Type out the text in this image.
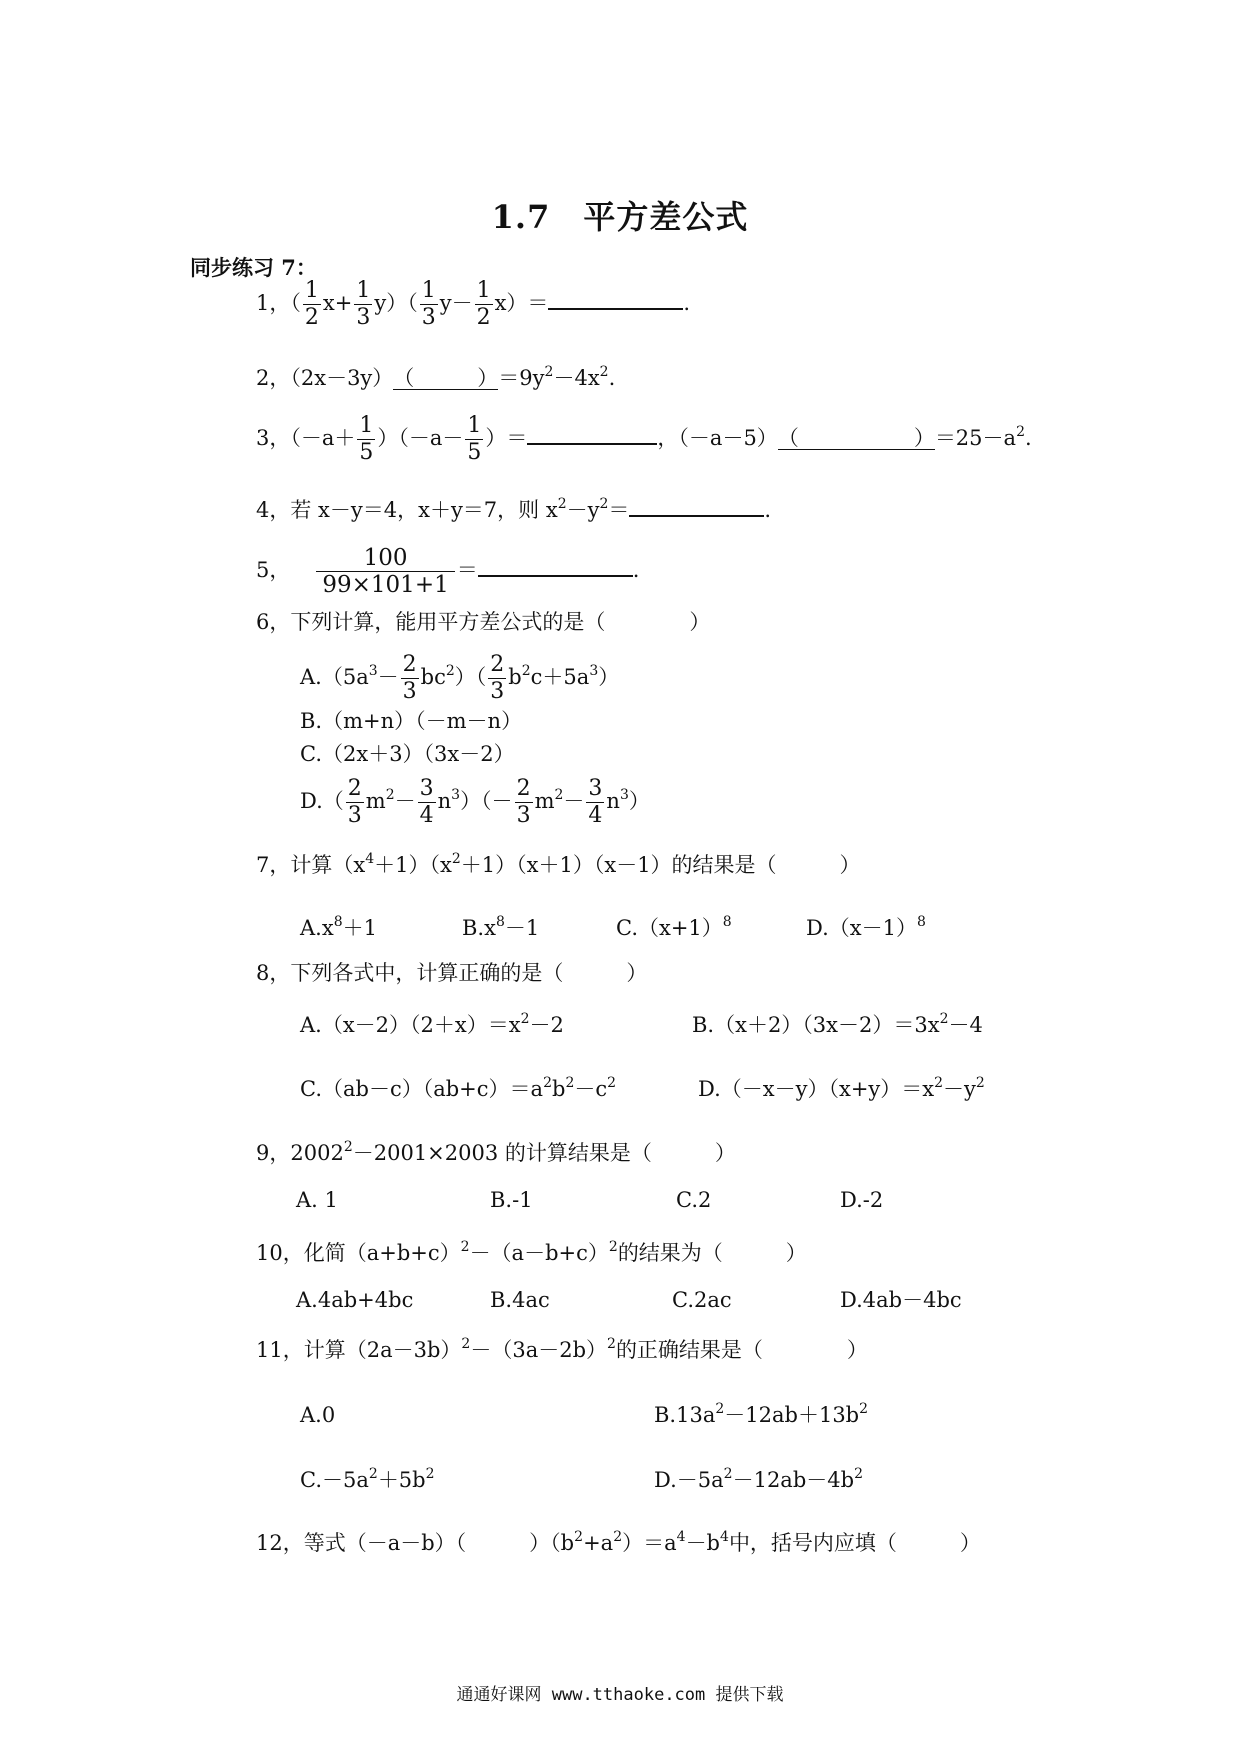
1.7　平方差公式
同步练习 7：
1，（ $\frac{1}{2} x+ \frac{1}{3} y)( \frac{1}{3} y- \frac{1}{2} x)=$	.
2，（2x－3y）（　　　）$=9y^2-4x^2$.
3，$(-a+ \frac{1}{5} )(-a- \frac{1}{5}$ ）＝	，（－a－5）（	）$=25-a^2$.
4，若 x－y＝4，x＋y＝7，则 $x^2-y^2=$	.
5， $\frac{100}{99\times 101+1}$ ＝	.
6，下列计算，能用平方差公式的是（　　　　）
$A.(5a^3- \frac{2}{3} bc^2)( \frac{2}{3} b^2c+5a^3)$
B.（m+n）（－m－n）
C.（2x＋3）（3x－2）
$D.( \frac{2}{3} m^2- \frac{3}{4} n^3)(- \frac{2}{3} m^2- \frac{3}{4} n^3)$
7，计算$(x^4+1)(x^2+1)(x+1)(x-1)$的结果是（　　　）
$A.x^8+1$	$B.x^8-1$	$C.(x+1)^8$	$D.(x-1)^8$
8，下列各式中，计算正确的是（　　　）
$A.(x-2)(2+x)=x^2-2$	$B.(x+2)(3x-2)=3x^2-4$
$C.(ab-c)(ab+c)=a^2b^2-c^2$	$D.(-x-y)(x+y)=x^2-y^2$
9，$2002^2-2001\times 2003$ 的计算结果是（　　　）
A. 1	B.-1	C.2	D.-2
10，化简$(a+b+c)^2-(a-b+c)^2$的结果为（　　　）
A.4ab+4bc	B.4ac	C.2ac	D.4ab－4bc
11，计算$(2a-3b)^2-(3a-2b)^2$的正确结果是（　　　　）
A.0	$B.13a^2-12ab+13b^2$
$C.-5a^2+5b^2$	$D.-5a^2-12ab-4b^2$
12，等式（－a－b）（　　　）$(b^2+a^2)=a^4-b^4$中，括号内应填（　　　）
通通好课网 www.tthaoke.com 提供下载
